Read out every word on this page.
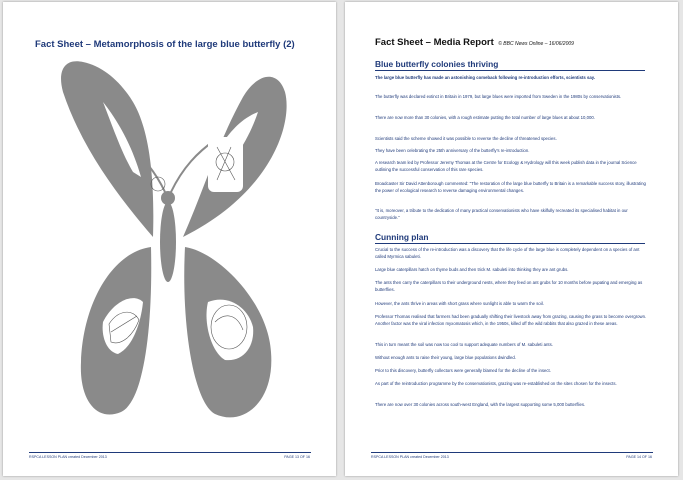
Fact Sheet – Metamorphosis of the large blue butterfly (2)
RSPCA LESSON PLAN created December 2013	PAGE 13 OF 16
Fact Sheet – Media Report © BBC News Online – 16/06/2009
Blue butterfly colonies thriving
The large blue butterfly has made an astonishing comeback following re-introduction efforts, scientists say.
The butterfly was declared extinct in Britain in 1979, but large blues were imported from Sweden in the 1980s by conservationists.
There are now more than 30 colonies, with a rough estimate putting the total number of large blues at about 10,000.
Scientists said the scheme showed it was possible to reverse the decline of threatened species.
They have been celebrating the 25th anniversary of the butterfly's re-introduction.
A research team led by Professor Jeremy Thomas at the Centre for Ecology & Hydrology will this week publish data in the journal Science outlining the successful conservation of this rare species.
Broadcaster Sir David Attenborough commented: "The restoration of the large blue butterfly to Britain is a remarkable success story, illustrating the power of ecological research to reverse damaging environmental changes.
"It is, moreover, a tribute to the dedication of many practical conservationists who have skilfully recreated its specialised habitat in our countryside."
Cunning plan
Crucial to the success of the re-introduction was a discovery that the life cycle of the large blue is completely dependent on a species of ant called Myrmica sabuleti.
Large blue caterpillars hatch on thyme buds and then trick M. sabuleti into thinking they are ant grubs.
The ants then carry the caterpillars to their underground nests, where they feed on ant grubs for 10 months before pupating and emerging as butterflies.
However, the ants thrive in areas with short grass where sunlight is able to warm the soil.
Professor Thomas realised that farmers had been gradually shifting their livestock away from grazing, causing the grass to become overgrown. Another factor was the viral infection myxomatosis which, in the 1950s, killed off the wild rabbits that also grazed in these areas.
This in turn meant the soil was now too cool to support adequate numbers of M. sabuleti ants.
Without enough ants to raise their young, large blue populations dwindled.
Prior to this discovery, butterfly collectors were generally blamed for the decline of the insect.
As part of the reintroduction programme by the conservationists, grazing was re-established on the sites chosen for the insects.
There are now over 30 colonies across south-west England, with the largest supporting some 5,000 butterflies.
RSPCA LESSON PLAN created December 2013	PAGE 14 OF 16
